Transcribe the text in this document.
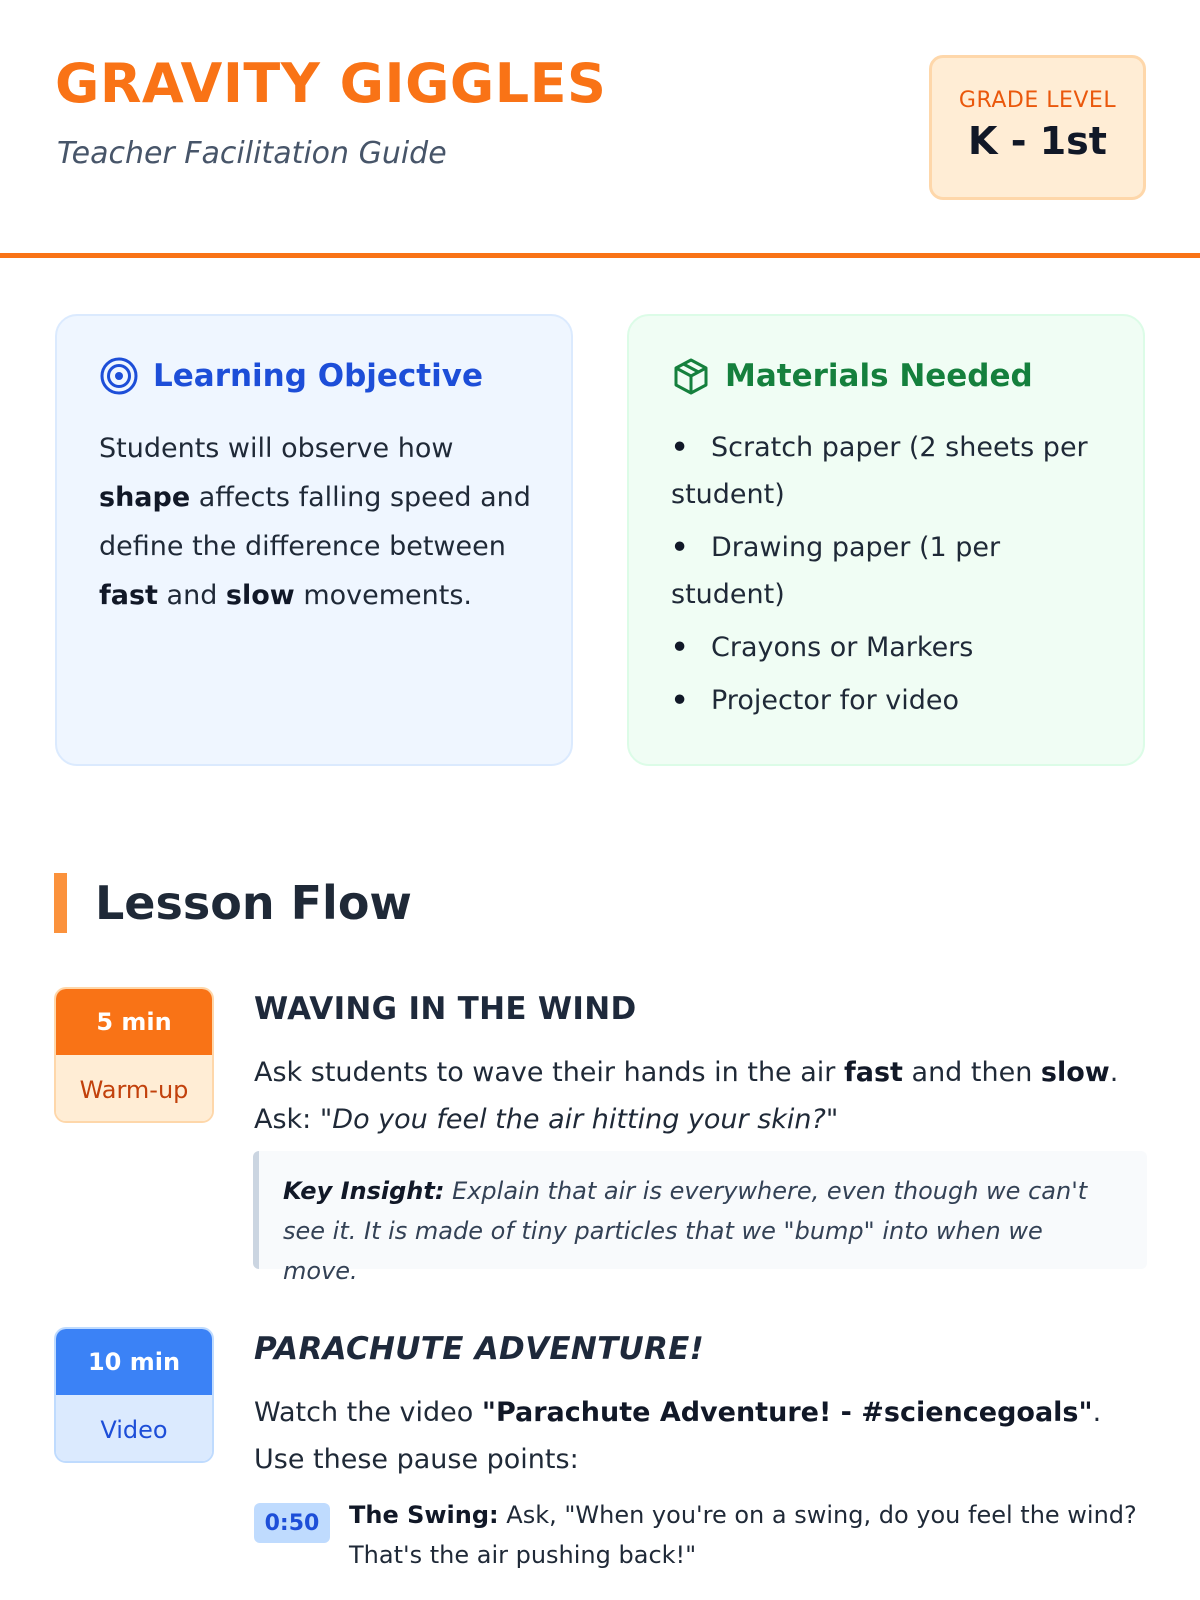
GRAVITY GIGGLES
Teacher Facilitation Guide
GRADE LEVEL
K - 1st
Learning Objective

Students will observe how shape affects falling speed and define the difference between fast and slow movements.

Materials Needed
• Scratch paper (2 sheets per student)
• Drawing paper (1 per student)
• Crayons or Markers
• Projector for video
Lesson Flow
5 min
Warm-up
WAVING IN THE WIND

Ask students to wave their hands in the air fast and then slow. Ask: "Do you feel the air hitting your skin?"

Key Insight: Explain that air is everywhere, even though we can't see it. It is made of tiny particles that we "bump" into when we move.
10 min
Video
PARACHUTE ADVENTURE!

Watch the video "Parachute Adventure! - #sciencegoals". Use these pause points:

0:50	The Swing: Ask, "When you're on a swing, do you feel the wind? That's the air pushing back!"
